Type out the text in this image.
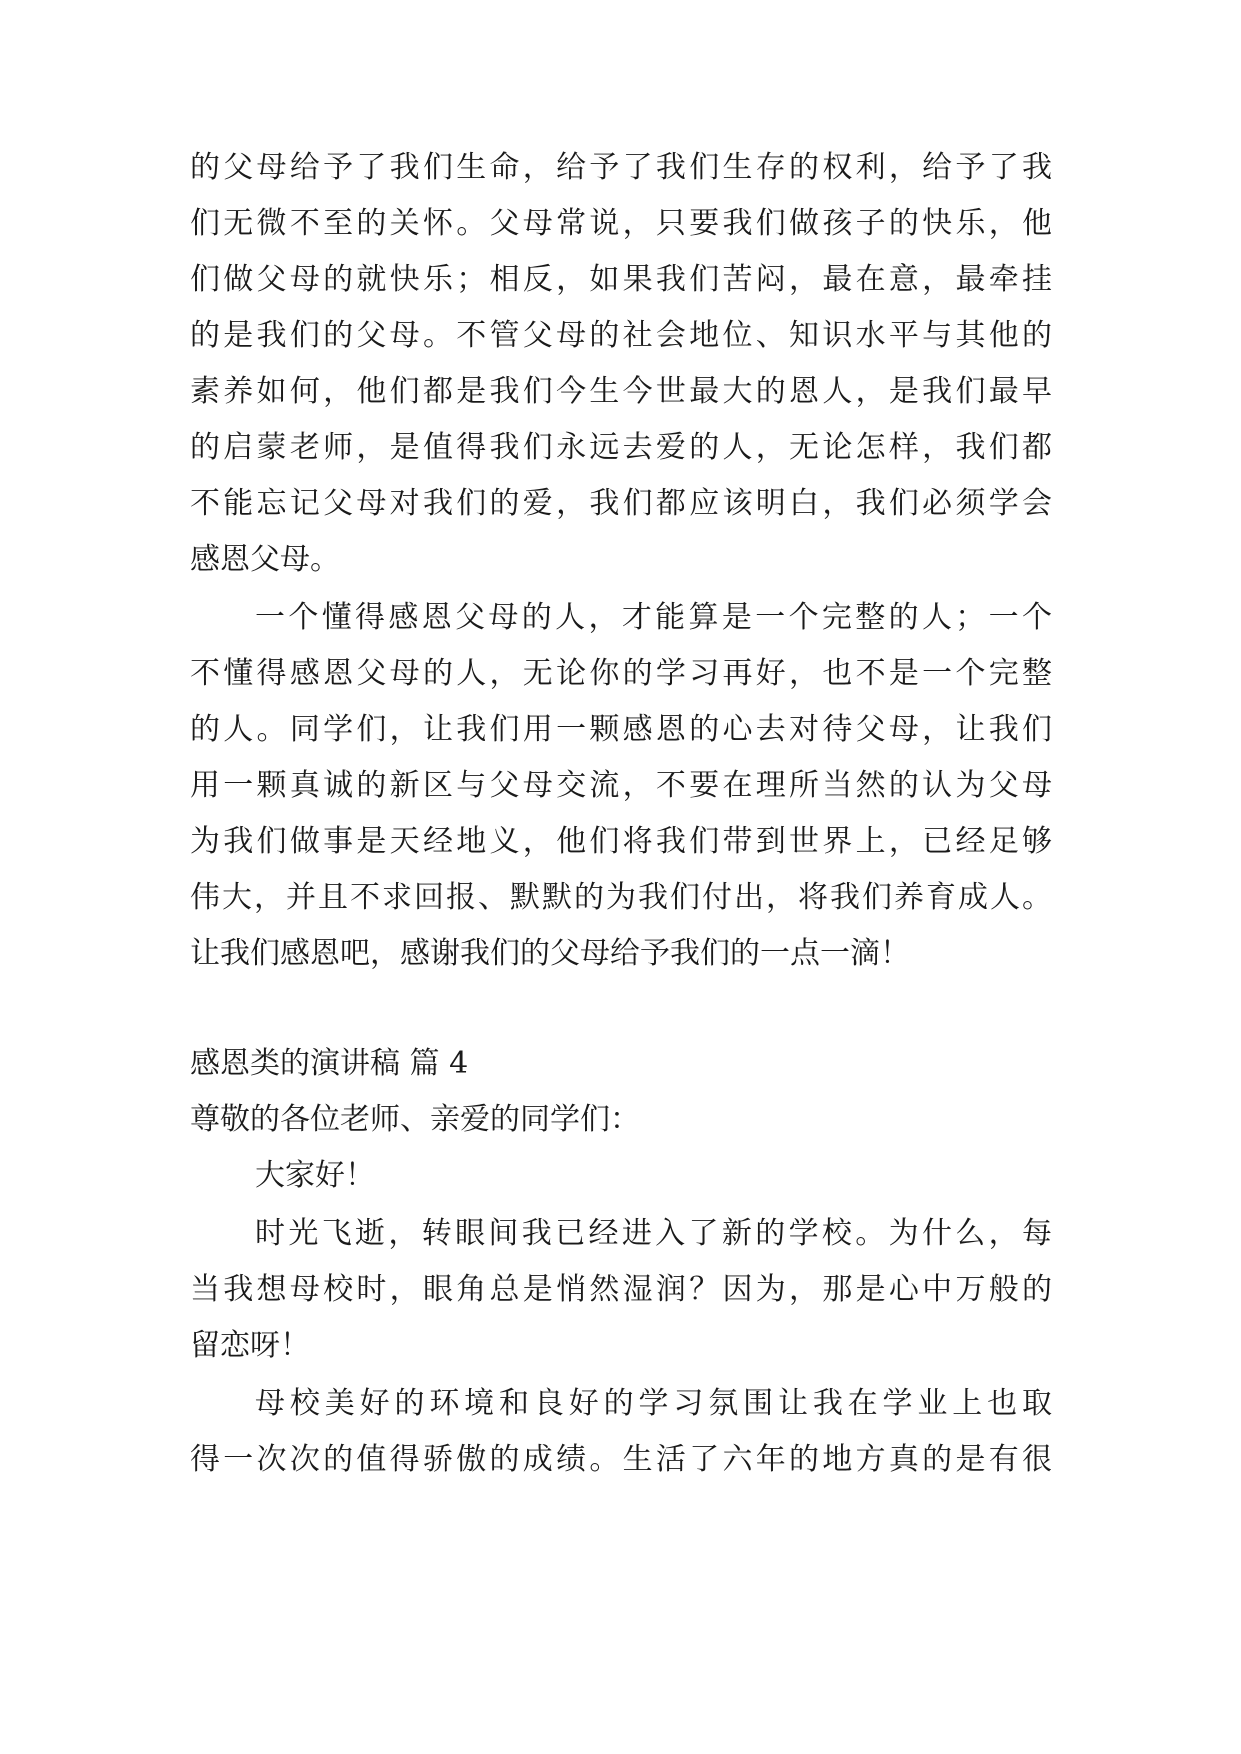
的父母给予了我们生命，给予了我们生存的权利，给予了我
们无微不至的关怀。父母常说，只要我们做孩子的快乐，他
们做父母的就快乐；相反，如果我们苦闷，最在意，最牵挂
的是我们的父母。不管父母的社会地位、知识水平与其他的
素养如何，他们都是我们今生今世最大的恩人，是我们最早
的启蒙老师，是值得我们永远去爱的人，无论怎样，我们都
不能忘记父母对我们的爱，我们都应该明白，我们必须学会
感恩父母。
一个懂得感恩父母的人，才能算是一个完整的人；一个
不懂得感恩父母的人，无论你的学习再好，也不是一个完整
的人。同学们，让我们用一颗感恩的心去对待父母，让我们
用一颗真诚的新区与父母交流，不要在理所当然的认为父母
为我们做事是天经地义，他们将我们带到世界上，已经足够
伟大，并且不求回报、默默的为我们付出，将我们养育成人。
让我们感恩吧，感谢我们的父母给予我们的一点一滴！
感恩类的演讲稿 篇 4
尊敬的各位老师、亲爱的同学们：
大家好！
时光飞逝，转眼间我已经进入了新的学校。为什么，每
当我想母校时，眼角总是悄然湿润？因为，那是心中万般的
留恋呀！
母校美好的环境和良好的学习氛围让我在学业上也取
得一次次的值得骄傲的成绩。生活了六年的地方真的是有很
